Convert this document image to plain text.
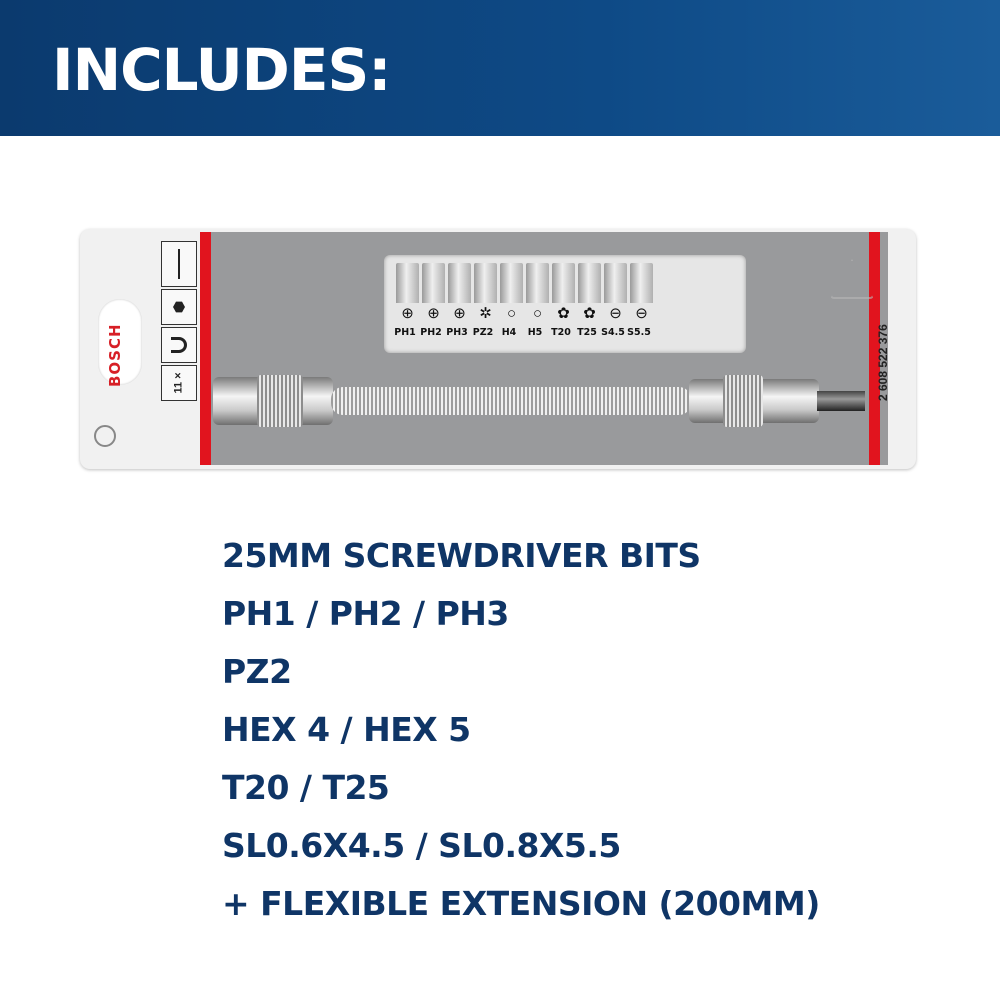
INCLUDES:
BOSCH	11 ×	2 608 522 376
⊕ ⊕ ⊕ ✲	○	○	✿ ✿ ⊖ ⊖
PH1 PH2 PH3 PZ2 H4	H5 T20 T25 S4.5 S5.5
25MM SCREWDRIVER BITS
PH1 / PH2 / PH3
PZ2
HEX 4 / HEX 5
T20 / T25
SL0.6X4.5 / SL0.8X5.5
+ FLEXIBLE EXTENSION (200MM)
